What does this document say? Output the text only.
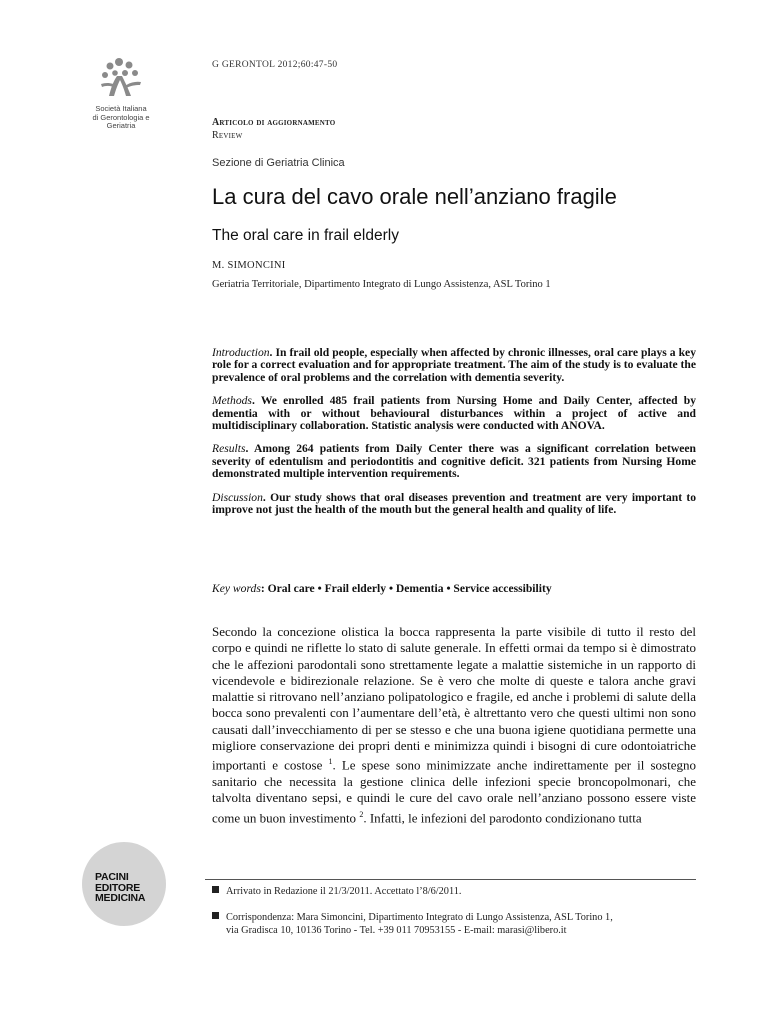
Società Italiana
di Gerontologia e
Geriatria
G GERONTOL 2012;60:47-50
Articolo di aggiornamento
Review
Sezione di Geriatria Clinica
La cura del cavo orale nell’anziano fragile
The oral care in frail elderly
M. SIMONCINI
Geriatria Territoriale, Dipartimento Integrato di Lungo Assistenza, ASL Torino 1

Introduction. In frail old people, especially when affected by chronic illnesses, oral care plays a key role for a correct evaluation and for appropriate treatment. The aim of the study is to evaluate the prevalence of oral problems and the correlation with dementia severity.

Methods. We enrolled 485 frail patients from Nursing Home and Daily Center, affected by dementia with or without behavioural disturbances within a project of active and multidisciplinary collaboration. Statistic analysis were conducted with ANOVA.

Results. Among 264 patients from Daily Center there was a significant correlation between severity of edentulism and periodontitis and cognitive deficit. 321 patients from Nursing Home demonstrated multiple intervention requirements.

Discussion. Our study shows that oral diseases prevention and treatment are very important to improve not just the health of the mouth but the general health and quality of life.

Key words: Oral care • Frail elderly • Dementia • Service accessibility
Secondo la concezione olistica la bocca rappresenta la parte visibile di tutto il resto del corpo e quindi ne riflette lo stato di salute generale. In effetti ormai da tempo si è dimostrato che le affezioni parodontali sono strettamente legate a malattie sistemiche in un rapporto di vicendevole e bidirezionale relazione. Se è vero che molte di queste e talora anche gravi malattie si ritrovano nell’anziano polipatologico e fragile, ed anche i problemi di salute della bocca sono prevalenti con l’aumentare dell’età, è altrettanto vero che questi ultimi non sono causati dall’invecchiamento di per se stesso e che una buona igiene quotidiana permette una migliore conservazione dei propri denti e minimizza quindi i bisogni di cure odontoiatriche importanti e costose $^1$. Le spese sono minimizzate anche indirettamente per il sostegno sanitario che necessita la gestione clinica delle infezioni specie broncopolmonari, che talvolta diventano sepsi, e quindi le cure del cavo orale nell’anziano possono essere viste come un buon investimento $^2$. Infatti, le infezioni del parodonto condizionano tutta
Arrivato in Redazione il 21/3/2011. Accettato l’8/6/2011.
Corrispondenza: Mara Simoncini, Dipartimento Integrato di Lungo Assistenza, ASL Torino 1,
via Gradisca 10, 10136 Torino - Tel. +39 011 70953155 - E-mail: marasi@libero.it
PACINI
EDITORE
MEDICINA
